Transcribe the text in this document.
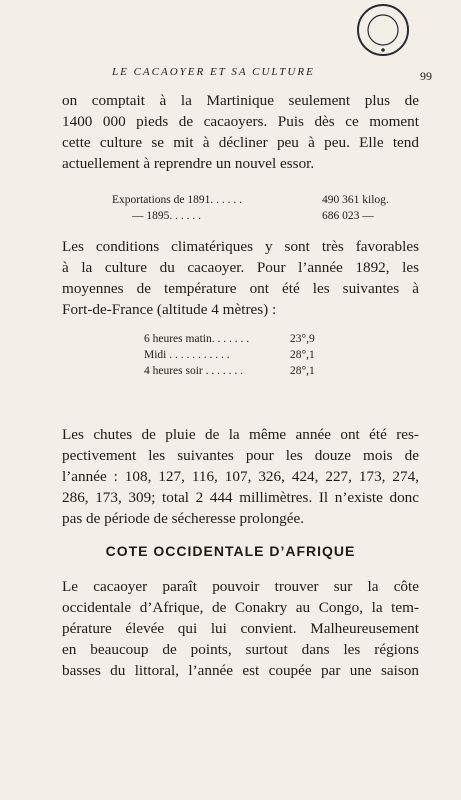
LE CACAOYER ET SA CULTURE	99
on comptait à la Martinique seulement plus de
1400 000 pieds de cacaoyers. Puis dès ce moment
cette culture se mit à décliner peu à peu. Elle tend
actuellement à reprendre un nouvel essor.
Exportations de 1891. . . . . .	490 361 kilog.
— 1895. . . . . .	686 023 —
Les conditions climatériques y sont très favorables
à la culture du cacaoyer. Pour l’année 1892, les
moyennes de température ont été les suivantes à
Fort-de-France (altitude 4 mètres) :
6 heures matin. . . . . . .	23°,9
Midi . . . . . . . . . . .	28°,1
4 heures soir . . . . . . .	28°,1
Les chutes de pluie de la même année ont été res-
pectivement les suivantes pour les douze mois de
l’année : 108, 127, 116, 107, 326, 424, 227, 173, 274,
286, 173, 309; total 2 444 millimètres. Il n’existe donc
pas de période de sécheresse prolongée.
COTE OCCIDENTALE D’AFRIQUE
Le cacaoyer paraît pouvoir trouver sur la côte
occidentale d’Afrique, de Conakry au Congo, la tem-
pérature élevée qui lui convient. Malheureusement
en beaucoup de points, surtout dans les régions
basses du littoral, l’année est coupée par une saison
